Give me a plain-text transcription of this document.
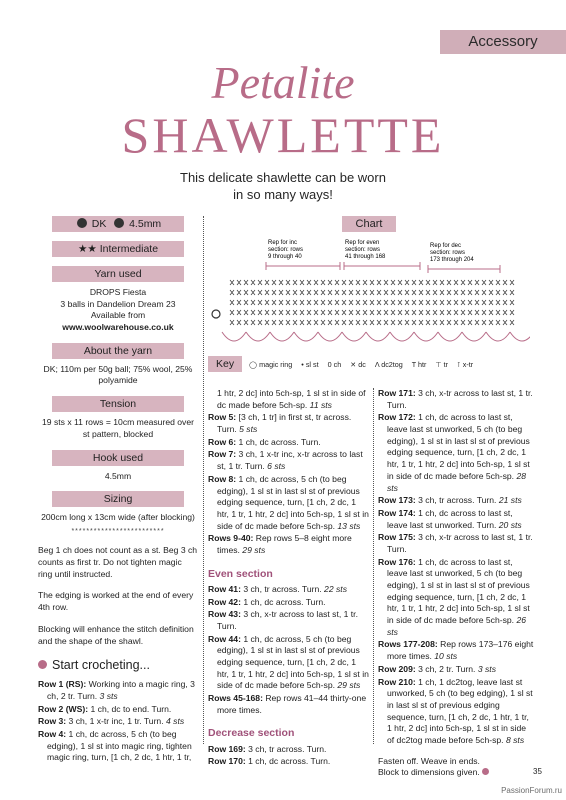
Accessory
Petalite
SHAWLETTE
This delicate shawlette can be worn
in so many ways!
DK 4.5mm
★★ Intermediate
Yarn used
DROPS Fiesta
3 balls in Dandelion Dream 23
Available from
www.woolwarehouse.co.uk
About the yarn
DK; 110m per 50g ball; 75% wool, 25% polyamide
Tension
19 sts x 11 rows = 10cm measured over st pattern, blocked
Hook used
4.5mm
Sizing
200cm long x 13cm wide (after blocking)
*************************
Beg 1 ch does not count as a st. Beg 3 ch counts as first tr. Do not tighten magic ring until instructed.
The edging is worked at the end of every 4th row.
Blocking will enhance the stitch definition and the shape of the shawl.
Start crocheting...
Row 1 (RS): Working into a magic ring, 3 ch, 2 tr. Turn. 3 sts
Row 2 (WS): 1 ch, dc to end. Turn.
Row 3: 3 ch, 1 x-tr inc, 1 tr. Turn. 4 sts
Row 4: 1 ch, dc across, 5 ch (to beg edging), 1 sl st into magic ring, tighten magic ring, turn, [1 ch, 2 dc, 1 htr, 1 tr,
Chart
Rep for inc
section: rows
9 through 40
Rep for even
section: rows
41 through 168
Rep for dec
section: rows
173 through 204
Key ◯ magic ring • sl st 0 ch ✕ dc Λ dc2tog T htr ⊤ tr ⊺ x-tr
1 htr, 2 dc] into 5ch-sp, 1 sl st in side of dc made before 5ch-sp. 11 sts
Row 5: [3 ch, 1 tr] in first st, tr across. Turn. 5 sts
Row 6: 1 ch, dc across. Turn.
Row 7: 3 ch, 1 x-tr inc, x-tr across to last st, 1 tr. Turn. 6 sts
Row 8: 1 ch, dc across, 5 ch (to beg edging), 1 sl st in last sl st of previous edging sequence, turn, [1 ch, 2 dc, 1 htr, 1 tr, 1 htr, 2 dc] into 5ch-sp, 1 sl st in side of dc made before 5ch-sp. 13 sts
Rows 9-40: Rep rows 5–8 eight more times. 29 sts
Even section
Row 41: 3 ch, tr across. Turn. 22 sts
Row 42: 1 ch, dc across. Turn.
Row 43: 3 ch, x-tr across to last st, 1 tr. Turn.
Row 44: 1 ch, dc across, 5 ch (to beg edging), 1 sl st in last sl st of previous edging sequence, turn, [1 ch, 2 dc, 1 htr, 1 tr, 1 htr, 2 dc] into 5ch-sp, 1 sl st in side of dc made before 5ch-sp. 29 sts
Rows 45-168: Rep rows 41–44 thirty-one more times.
Decrease section
Row 169: 3 ch, tr across. Turn.
Row 170: 1 ch, dc across. Turn.
Row 171: 3 ch, x-tr across to last st, 1 tr. Turn.
Row 172: 1 ch, dc across to last st, leave last st unworked, 5 ch (to beg edging), 1 sl st in last sl st of previous edging sequence, turn, [1 ch, 2 dc, 1 htr, 1 tr, 1 htr, 2 dc] into 5ch-sp, 1 sl st in side of dc made before 5ch-sp. 28 sts
Row 173: 3 ch, tr across. Turn. 21 sts
Row 174: 1 ch, dc across to last st, leave last st unworked. Turn. 20 sts
Row 175: 3 ch, x-tr across to last st, 1 tr. Turn.
Row 176: 1 ch, dc across to last st, leave last st unworked, 5 ch (to beg edging), 1 sl st in last sl st of previous edging sequence, turn, [1 ch, 2 dc, 1 htr, 1 tr, 1 htr, 2 dc] into 5ch-sp, 1 sl st in side of dc made before 5ch-sp. 26 sts
Rows 177-208: Rep rows 173–176 eight more times. 10 sts
Row 209: 3 ch, 2 tr. Turn. 3 sts
Row 210: 1 ch, 1 dc2tog, leave last st unworked, 5 ch (to beg edging), 1 sl st in last sl st of previous edging sequence, turn, [1 ch, 2 dc, 1 htr, 1 tr, 1 htr, 2 dc] into 5ch-sp, 1 sl st in side of dc2tog made before 5ch-sp. 8 sts
Fasten off. Weave in ends.
Block to dimensions given.	35
PassionForum.ru
